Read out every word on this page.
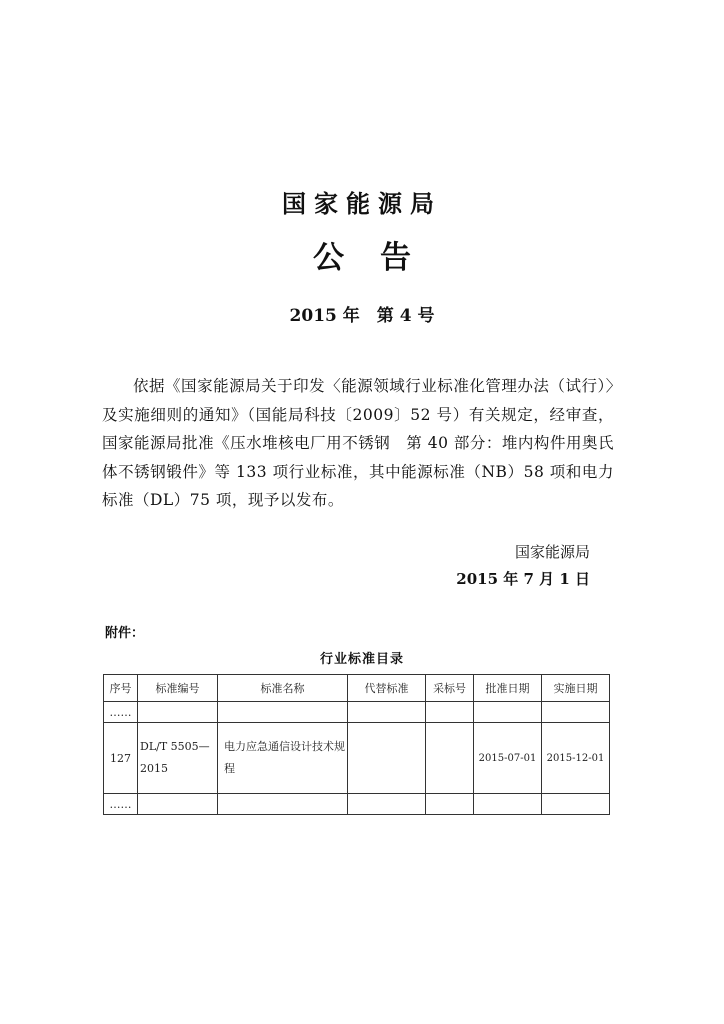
国家能源局
公告
2015 年　第 4 号
依据《国家能源局关于印发〈能源领域行业标准化管理办法（试行）〉及实施细则的通知》（国能局科技〔2009〕52 号）有关规定，经审查，国家能源局批准《压水堆核电厂用不锈钢　第 40 部分：堆内构件用奥氏体不锈钢锻件》等 133 项行业标准，其中能源标准（NB）58 项和电力标准（DL）75 项，现予以发布。
国家能源局
2015 年 7 月 1 日
附件：
行业标准目录
序号	标准编号	标准名称	代替标准	采标号	批准日期	实施日期
……						
127	DL/T 5505—2015	电力应急通信设计技术规程			2015-07-01	2015-12-01
……						
